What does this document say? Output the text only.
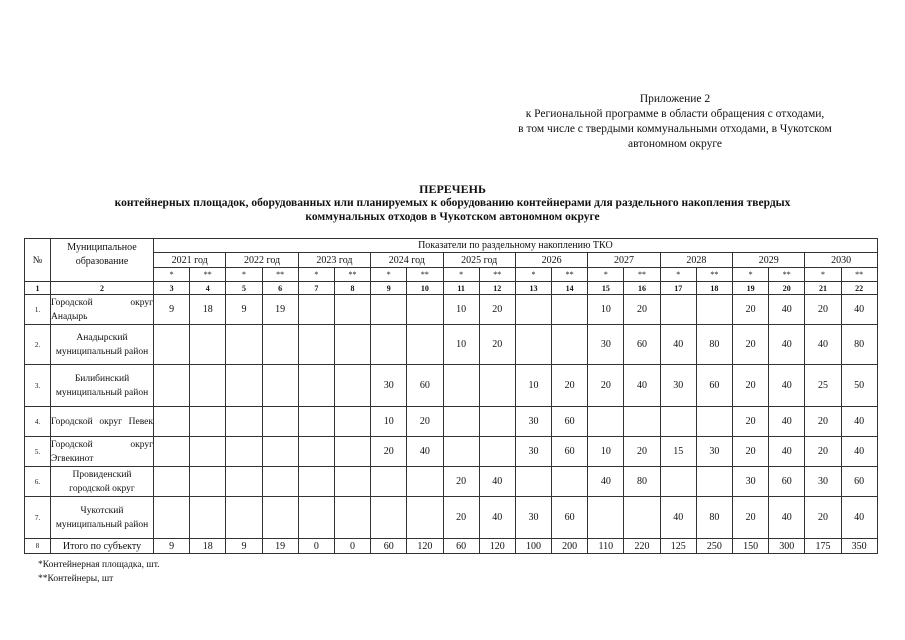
Приложение 2
к Региональной программе в области обращения с отходами,
в том числе с твердыми коммунальными отходами, в Чукотском
автономном округе
ПЕРЕЧЕНЬ
контейнерных площадок, оборудованных или планируемых к оборудованию контейнерами для раздельного накопления твердых
коммунальных отходов в Чукотском автономном округе
№	Муниципальное образование	Показатели по раздельному накоплению ТКО																			
		2021 год		2022 год		2023 год		2024 год		2025 год		2026		2027		2028		2029		2030	
		*	**	*	**	*	**	*	**	*	**	*	**	*	**	*	**	*	**	*	**
1	2	3	4	5	6	7	8	9	10	11	12	13	14	15	16	17	18	19	20	21	22
1.	Городской округ Анадырь	9	18	9	19					10	20			10	20			20	40	20	40
2.	Анадырский муниципальный район									10	20			30	60	40	80	20	40	40	80
3.	Билибинский муниципальный район							30	60			10	20	20	40	30	60	20	40	25	50
4.	Городской округ Певек							10	20			30	60					20	40	20	40
5.	Городской округ Эгвекинот							20	40			30	60	10	20	15	30	20	40	20	40
6.	Провиденский городской округ									20	40			40	80			30	60	30	60
7.	Чукотский муниципальный район									20	40	30	60			40	80	20	40	20	40
8	Итого по субъекту	9	18	9	19	0	0	60	120	60	120	100	200	110	220	125	250	150	300	175	350
*Контейнерная площадка, шт.
**Контейнеры, шт
